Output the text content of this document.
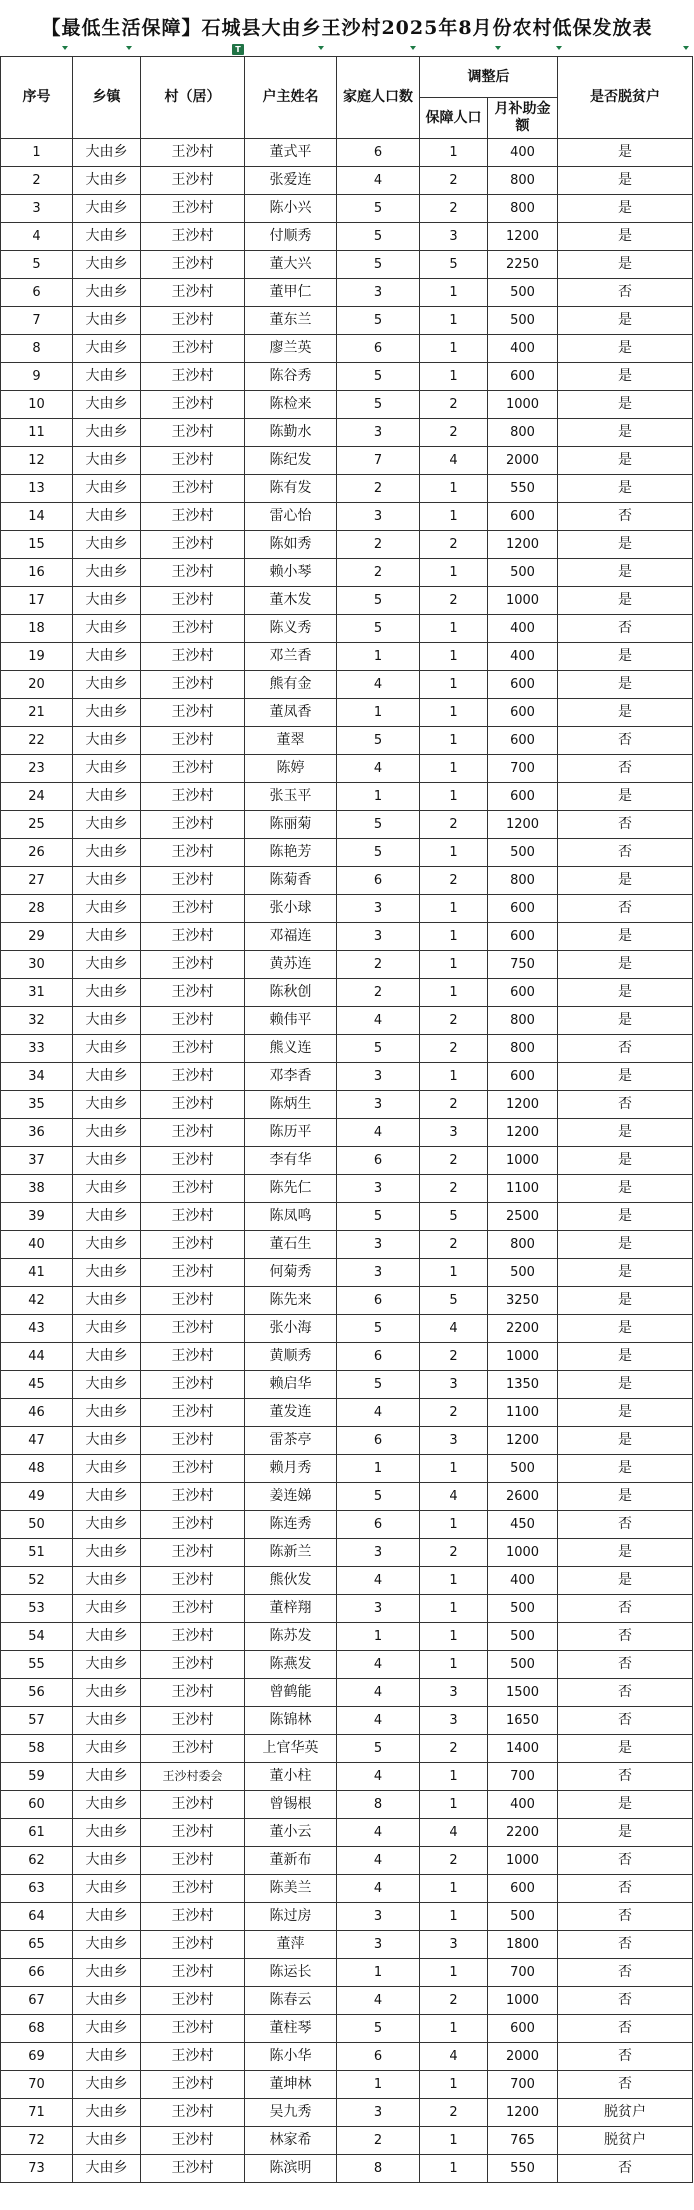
【最低生活保障】石城县大由乡王沙村2025年8月份农村低保发放表
T
序号	乡镇	村（居）	户主姓名	家庭人口数	调整后		是否脱贫户
					保障人口	月补助金额	
1	大由乡	王沙村	董式平	6	1	400	是
2	大由乡	王沙村	张爱连	4	2	800	是
3	大由乡	王沙村	陈小兴	5	2	800	是
4	大由乡	王沙村	付顺秀	5	3	1200	是
5	大由乡	王沙村	董大兴	5	5	2250	是
6	大由乡	王沙村	董甲仁	3	1	500	否
7	大由乡	王沙村	董东兰	5	1	500	是
8	大由乡	王沙村	廖兰英	6	1	400	是
9	大由乡	王沙村	陈谷秀	5	1	600	是
10	大由乡	王沙村	陈检来	5	2	1000	是
11	大由乡	王沙村	陈勤水	3	2	800	是
12	大由乡	王沙村	陈纪发	7	4	2000	是
13	大由乡	王沙村	陈有发	2	1	550	是
14	大由乡	王沙村	雷心怡	3	1	600	否
15	大由乡	王沙村	陈如秀	2	2	1200	是
16	大由乡	王沙村	赖小琴	2	1	500	是
17	大由乡	王沙村	董木发	5	2	1000	是
18	大由乡	王沙村	陈义秀	5	1	400	否
19	大由乡	王沙村	邓兰香	1	1	400	是
20	大由乡	王沙村	熊有金	4	1	600	是
21	大由乡	王沙村	董凤香	1	1	600	是
22	大由乡	王沙村	董翠	5	1	600	否
23	大由乡	王沙村	陈婷	4	1	700	否
24	大由乡	王沙村	张玉平	1	1	600	是
25	大由乡	王沙村	陈丽菊	5	2	1200	否
26	大由乡	王沙村	陈艳芳	5	1	500	否
27	大由乡	王沙村	陈菊香	6	2	800	是
28	大由乡	王沙村	张小球	3	1	600	否
29	大由乡	王沙村	邓福连	3	1	600	是
30	大由乡	王沙村	黄苏连	2	1	750	是
31	大由乡	王沙村	陈秋创	2	1	600	是
32	大由乡	王沙村	赖伟平	4	2	800	是
33	大由乡	王沙村	熊义连	5	2	800	否
34	大由乡	王沙村	邓李香	3	1	600	是
35	大由乡	王沙村	陈炳生	3	2	1200	否
36	大由乡	王沙村	陈历平	4	3	1200	是
37	大由乡	王沙村	李有华	6	2	1000	是
38	大由乡	王沙村	陈先仁	3	2	1100	是
39	大由乡	王沙村	陈凤鸣	5	5	2500	是
40	大由乡	王沙村	董石生	3	2	800	是
41	大由乡	王沙村	何菊秀	3	1	500	是
42	大由乡	王沙村	陈先来	6	5	3250	是
43	大由乡	王沙村	张小海	5	4	2200	是
44	大由乡	王沙村	黄顺秀	6	2	1000	是
45	大由乡	王沙村	赖启华	5	3	1350	是
46	大由乡	王沙村	董发连	4	2	1100	是
47	大由乡	王沙村	雷茶亭	6	3	1200	是
48	大由乡	王沙村	赖月秀	1	1	500	是
49	大由乡	王沙村	姜连娣	5	4	2600	是
50	大由乡	王沙村	陈连秀	6	1	450	否
51	大由乡	王沙村	陈新兰	3	2	1000	是
52	大由乡	王沙村	熊伙发	4	1	400	是
53	大由乡	王沙村	董梓翔	3	1	500	否
54	大由乡	王沙村	陈苏发	1	1	500	否
55	大由乡	王沙村	陈燕发	4	1	500	否
56	大由乡	王沙村	曾鹤能	4	3	1500	否
57	大由乡	王沙村	陈锦林	4	3	1650	否
58	大由乡	王沙村	上官华英	5	2	1400	是
59	大由乡	王沙村委会	董小柱	4	1	700	否
60	大由乡	王沙村	曾锡根	8	1	400	是
61	大由乡	王沙村	董小云	4	4	2200	是
62	大由乡	王沙村	董新布	4	2	1000	否
63	大由乡	王沙村	陈美兰	4	1	600	否
64	大由乡	王沙村	陈过房	3	1	500	否
65	大由乡	王沙村	董萍	3	3	1800	否
66	大由乡	王沙村	陈运长	1	1	700	否
67	大由乡	王沙村	陈春云	4	2	1000	否
68	大由乡	王沙村	董柱琴	5	1	600	否
69	大由乡	王沙村	陈小华	6	4	2000	否
70	大由乡	王沙村	董坤林	1	1	700	否
71	大由乡	王沙村	吴九秀	3	2	1200	脱贫户
72	大由乡	王沙村	林家希	2	1	765	脱贫户
73	大由乡	王沙村	陈滨明	8	1	550	否
